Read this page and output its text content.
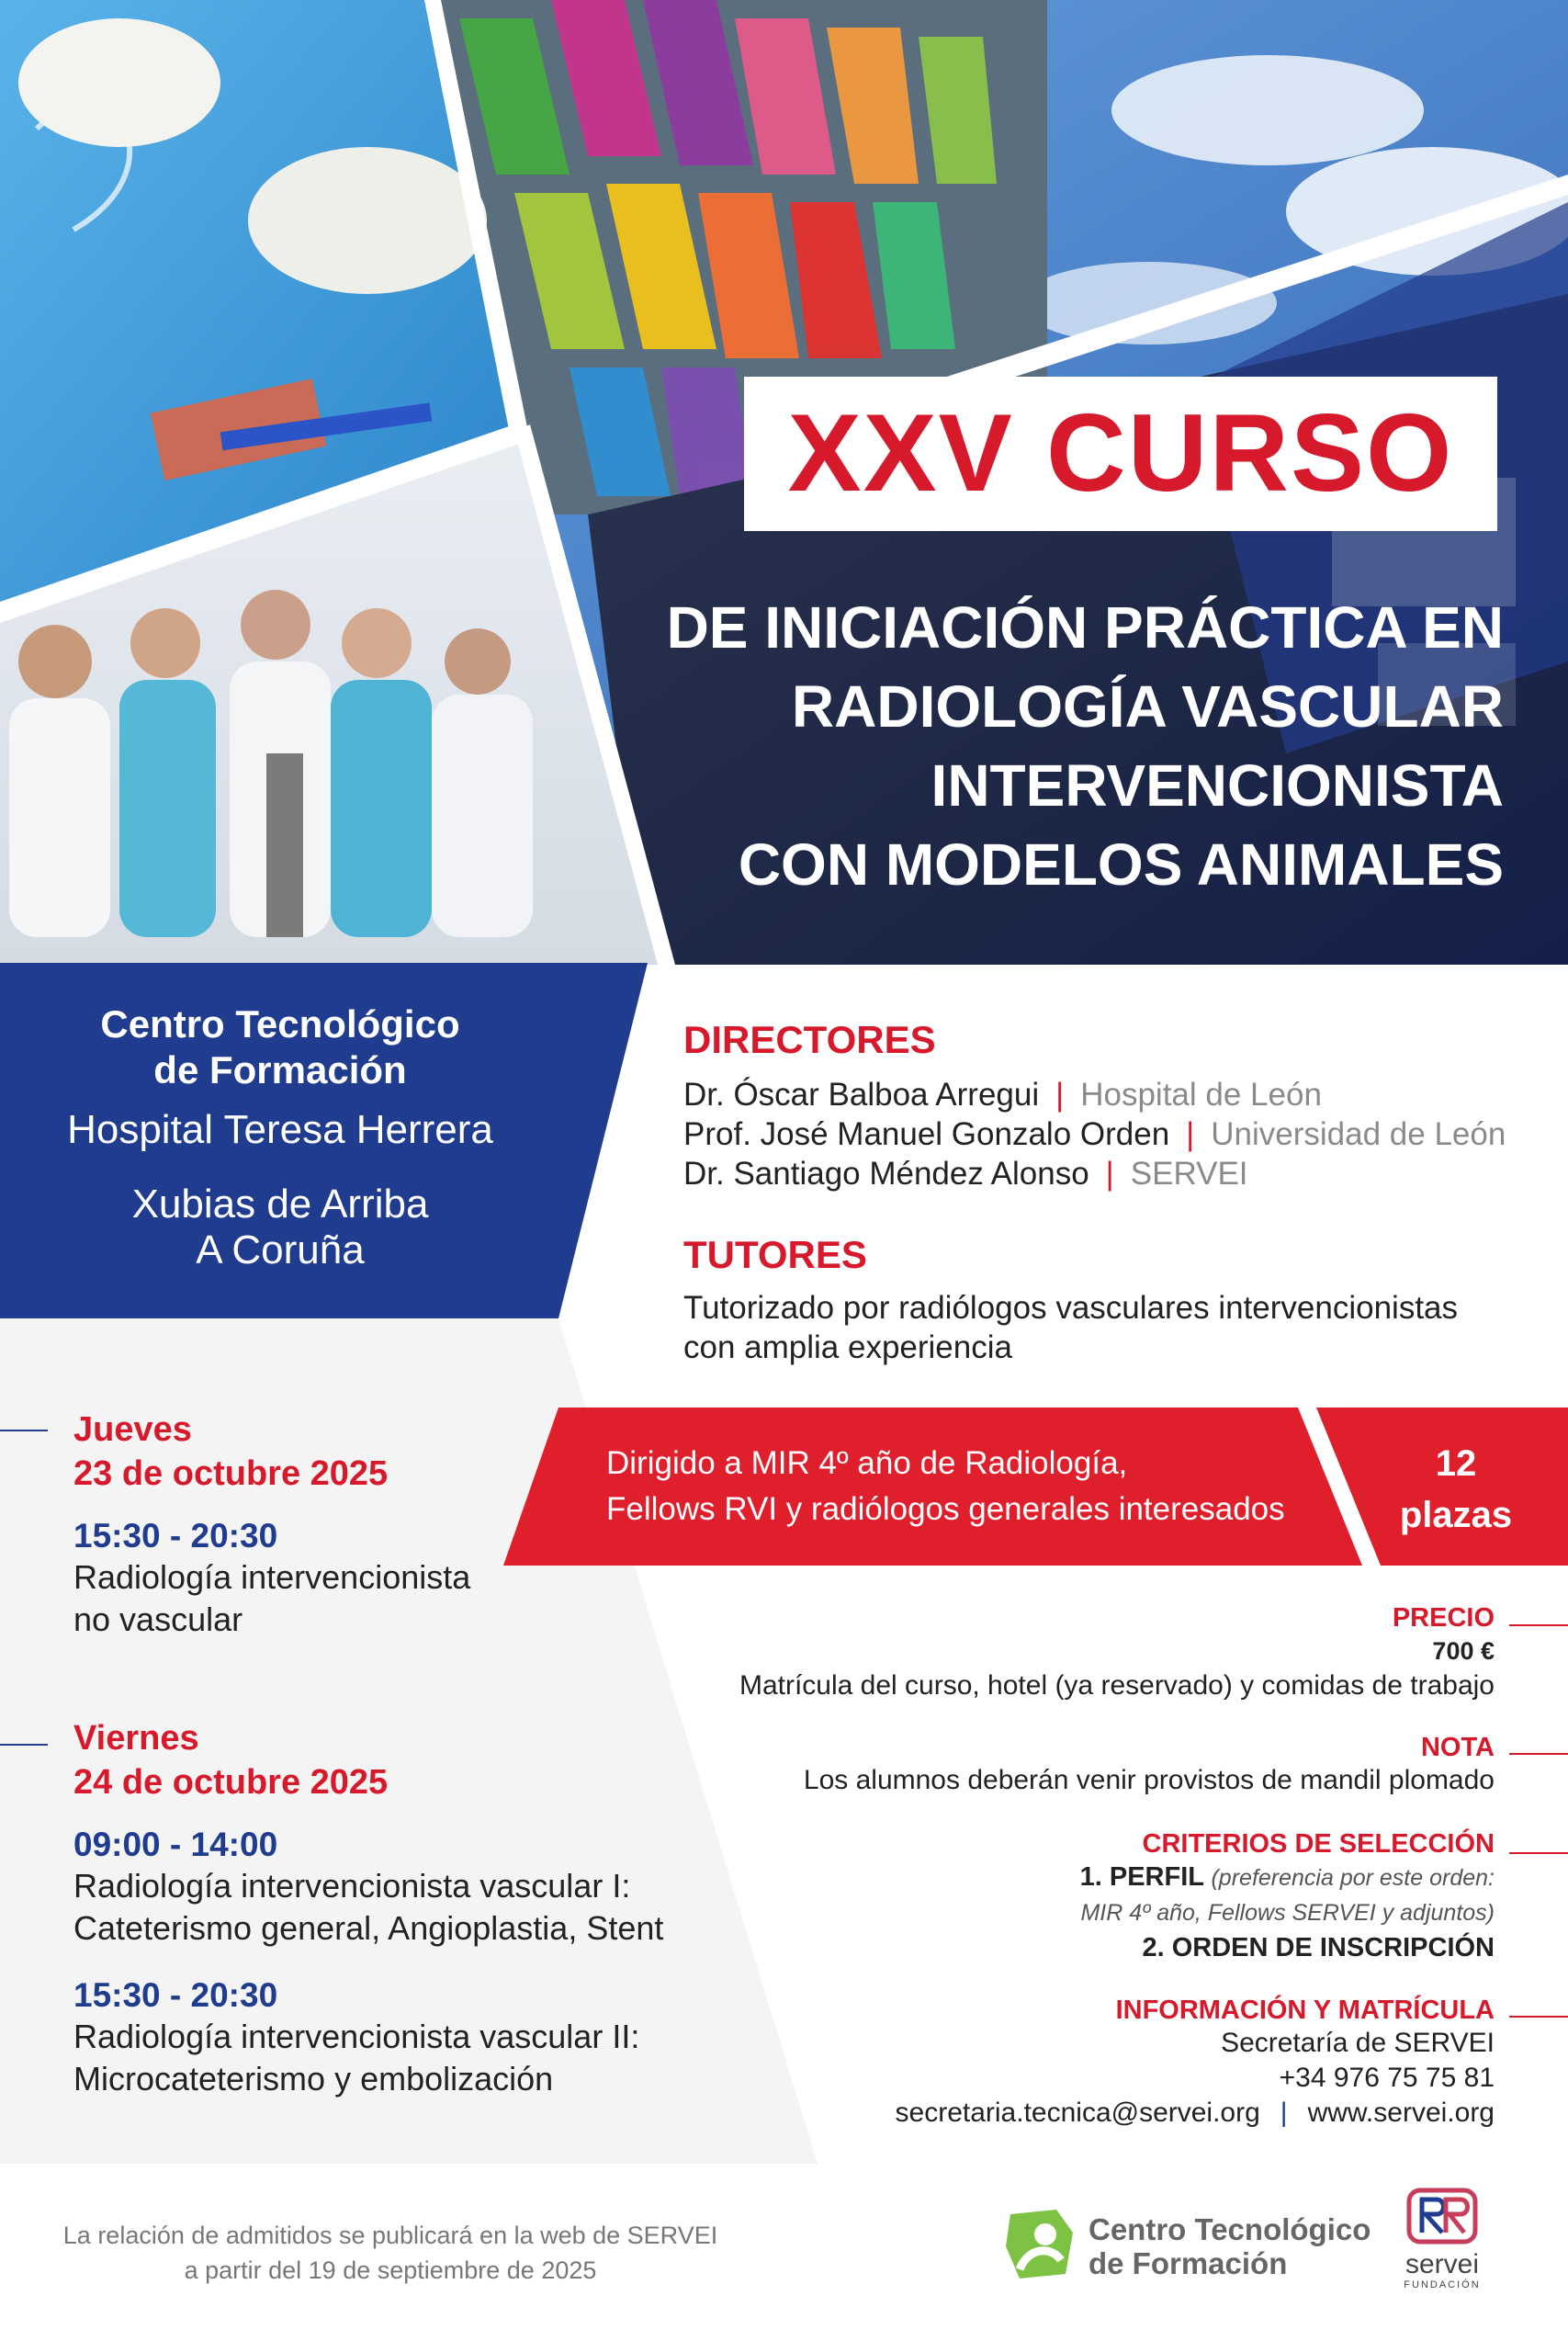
XXV CURSO
DE INICIACIÓN PRÁCTICA EN
RADIOLOGÍA VASCULAR
INTERVENCIONISTA
CON MODELOS ANIMALES
Centro Tecnológico
de Formación
Hospital Teresa Herrera
Xubias de Arriba
A Coruña
DIRECTORES
Dr. Óscar Balboa Arregui | Hospital de León
Prof. José Manuel Gonzalo Orden | Universidad de León
Dr. Santiago Méndez Alonso | SERVEI
TUTORES
Tutorizado por radiólogos vasculares intervencionistas
con amplia experiencia
Jueves
23 de octubre 2025
15:30 - 20:30
Radiología intervencionista
no vascular
Viernes
24 de octubre 2025
09:00 - 14:00
Radiología intervencionista vascular I:
Cateterismo general, Angioplastia, Stent
15:30 - 20:30
Radiología intervencionista vascular II:
Microcateterismo y embolización
Dirigido a MIR 4º año de Radiología,
Fellows RVI y radiólogos generales interesados
12
plazas
PRECIO
700 €
Matrícula del curso, hotel (ya reservado) y comidas de trabajo
NOTA
Los alumnos deberán venir provistos de mandil plomado
CRITERIOS DE SELECCIÓN
1. PERFIL (preferencia por este orden:
MIR 4º año, Fellows SERVEI y adjuntos)
2. ORDEN DE INSCRIPCIÓN
INFORMACIÓN Y MATRÍCULA
Secretaría de SERVEI
+34 976 75 75 81
secretaria.tecnica@servei.org | www.servei.org
La relación de admitidos se publicará en la web de SERVEI
a partir del 19 de septiembre de 2025
Centro Tecnológico
de Formación	servei
FUNDACIÓN
